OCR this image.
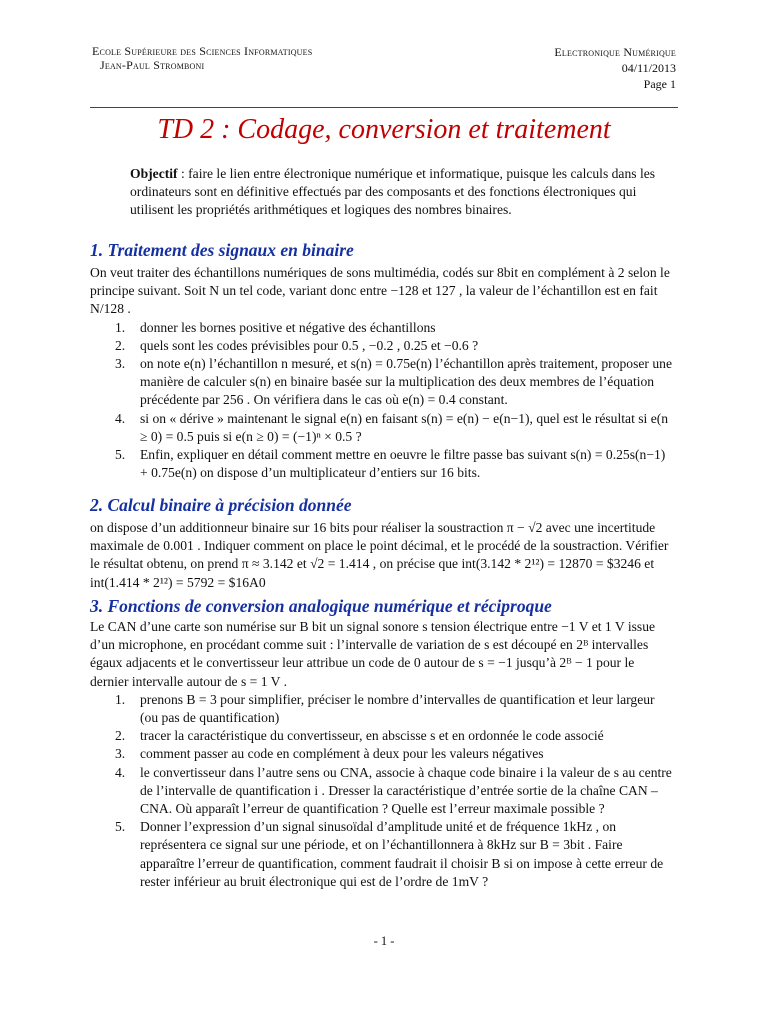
Ecole Supérieure des Sciences Informatiques
Jean-Paul Stromboni
Electronique Numérique
04/11/2013
Page 1
TD 2 : Codage, conversion et traitement
Objectif : faire le lien entre électronique numérique et informatique, puisque les calculs dans les ordinateurs sont en définitive effectués par des composants et des fonctions électroniques qui utilisent les propriétés arithmétiques et logiques des nombres binaires.
1. Traitement des signaux en binaire
On veut traiter des échantillons numériques de sons multimédia, codés sur 8bit en complément à 2 selon le principe suivant. Soit N un tel code, variant donc entre −128 et 127 , la valeur de l’échantillon est en fait N/128 .
1. donner les bornes positive et négative des échantillons
2. quels sont les codes prévisibles pour 0.5 , −0.2 , 0.25 et −0.6 ?
3. on note e(n) l’échantillon n mesuré, et s(n) = 0.75e(n) l’échantillon après traitement, proposer une manière de calculer s(n) en binaire basée sur la multiplication des deux membres de l’équation précédente par 256 . On vérifiera dans le cas où e(n) = 0.4 constant.
4. si on « dérive » maintenant le signal e(n) en faisant s(n) = e(n) − e(n−1), quel est le résultat si e(n ≥ 0) = 0.5 puis si e(n ≥ 0) = (−1)ⁿ × 0.5 ?
5. Enfin, expliquer en détail comment mettre en oeuvre le filtre passe bas suivant s(n) = 0.25s(n−1) + 0.75e(n) on dispose d’un multiplicateur d’entiers sur 16 bits.
2. Calcul binaire à précision donnée
on dispose d’un additionneur binaire sur 16 bits pour réaliser la soustraction π − √2 avec une incertitude maximale de 0.001 . Indiquer comment on place le point décimal, et le procédé de la soustraction. Vérifier le résultat obtenu, on prend π ≈ 3.142 et √2 = 1.414 , on précise que int(3.142 * 2¹²) = 12870 = $3246 et int(1.414 * 2¹²) = 5792 = $16A0
3. Fonctions de conversion analogique numérique et réciproque
Le CAN d’une carte son numérise sur B bit un signal sonore s tension électrique entre −1 V et 1 V issue d’un microphone, en procédant comme suit : l’intervalle de variation de s est découpé en 2ᴮ intervalles égaux adjacents et le convertisseur leur attribue un code de 0 autour de s = −1 jusqu’à 2ᴮ − 1 pour le dernier intervalle autour de s = 1 V .
1. prenons B = 3 pour simplifier, préciser le nombre d’intervalles de quantification et leur largeur (ou pas de quantification)
2. tracer la caractéristique du convertisseur, en abscisse s et en ordonnée le code associé
3. comment passer au code en complément à deux pour les valeurs négatives
4. le convertisseur dans l’autre sens ou CNA, associe à chaque code binaire i la valeur de s au centre de l’intervalle de quantification i . Dresser la caractéristique d’entrée sortie de la chaîne CAN – CNA. Où apparaît l’erreur de quantification ? Quelle est l’erreur maximale possible ?
5. Donner l’expression d’un signal sinusoïdal d’amplitude unité et de fréquence 1kHz , on représentera ce signal sur une période, et on l’échantillonnera à 8kHz sur B = 3bit . Faire apparaître l’erreur de quantification, comment faudrait il choisir B si on impose à cette erreur de rester inférieur au bruit électronique qui est de l’ordre de 1mV ?
- 1 -
